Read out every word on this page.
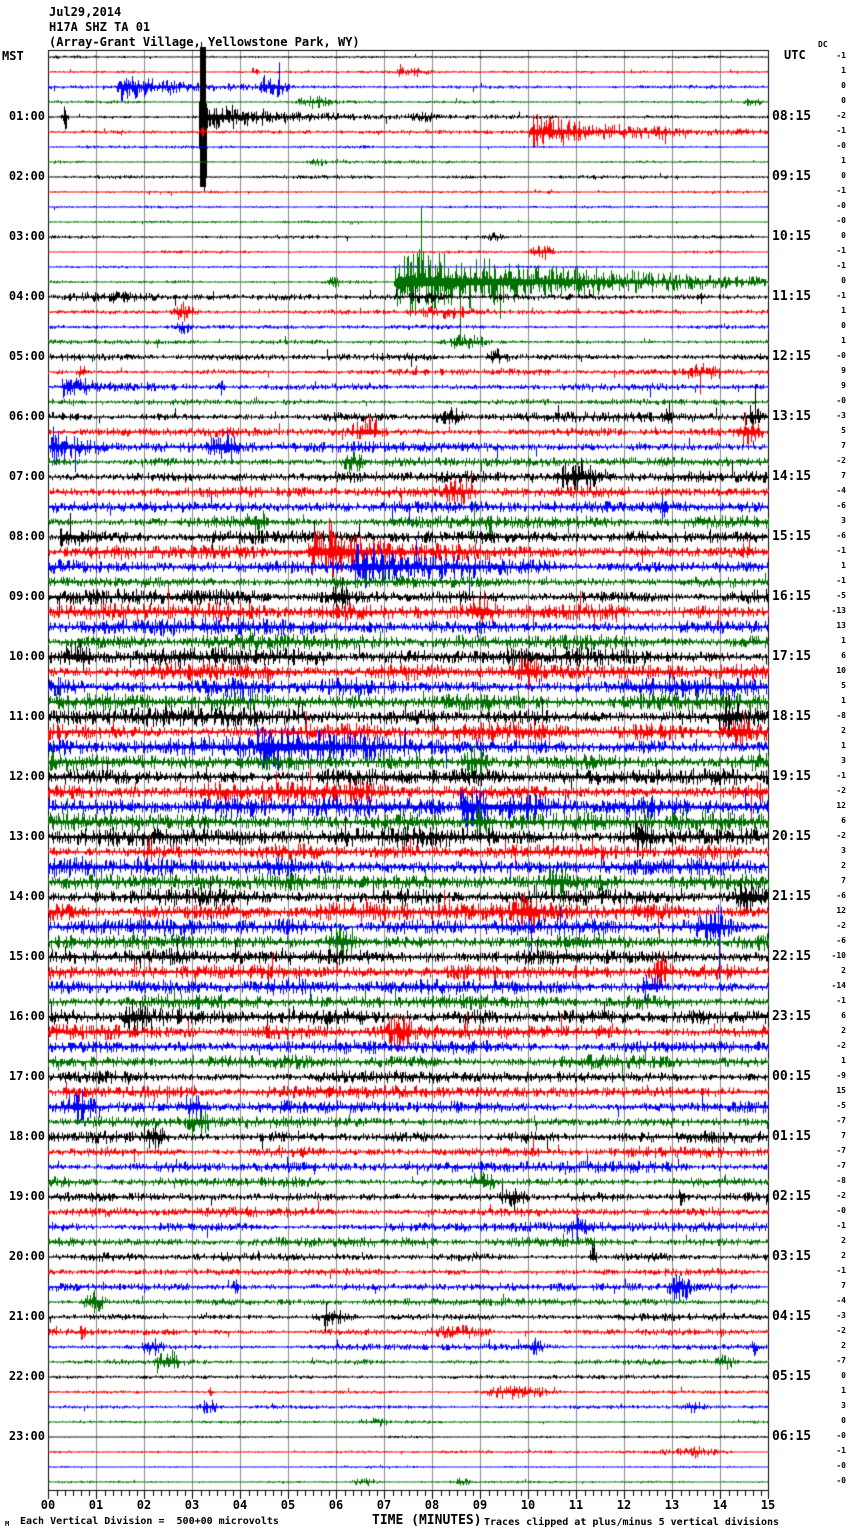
Jul29,2014
H17A SHZ TA 01
(Array-Grant Village, Yellowstone Park, WY)
MST	UTC
DC
01:00
02:00
03:00
04:00
05:00
06:00
07:00
08:00
09:00
10:00
11:00
12:00
13:00
14:00
15:00
16:00
17:00
18:00
19:00
20:00
21:00
22:00
23:00
08:15
09:15
10:15
11:15
12:15
13:15
14:15
15:15
16:15
17:15
18:15
19:15
20:15
21:15
22:15
23:15
00:15
01:15
02:15
03:15
04:15
05:15
06:15
-1
1
0
0
-2
-1
-0
1
0
-1
-0
-0
0
-1
-1
0
-1
1
0
1
-0
9
9
-0
-3
5
7
-2
7
-4
-6
3
-6
-1
1
-1
-5
-13
13
1
6
10
5
1
-8
2
1
3
-1
-2
12
6
-2
3
2
7
-6
12
-2
-6
-10
2
-14
-1
6
2
-2
1
-9
15
-5
-7
7
-7
-7
-8
-2
-0
-1
2
2
-1
7
-4
-3
-2
2
-7
0
1
3
0
-0
-1
-0
-0
00	01	02	03	04	05	06	07	08	09	10	11	12	13	14	15
M Each Vertical Division =  500+00 microvolts	TIME (MINUTES) Traces clipped at plus/minus 5 vertical divisions
